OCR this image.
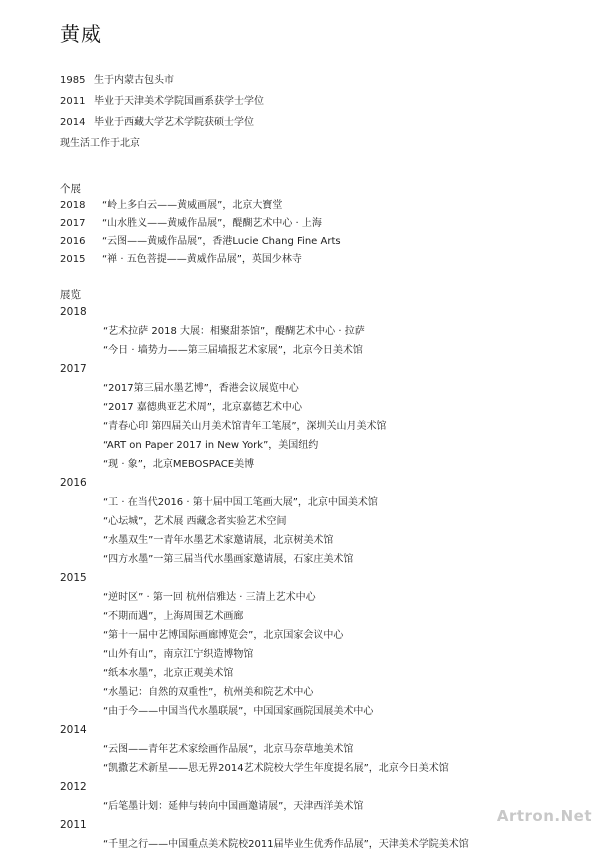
黄威
1985 生于内蒙古包头市
2011 毕业于天津美术学院国画系获学士学位
2014 毕业于西藏大学艺术学院获硕士学位
现生活工作于北京
个展
2018 “岭上多白云——黄威画展”，北京大寶堂
2017 “山水胜义——黄威作品展”，醍醐艺术中心 · 上海
2016 “云图——黄威作品展”，香港Lucie Chang Fine Arts
2015 “禅 · 五色菩提——黄威作品展”，英国少林寺
展览
2018
“艺术拉萨 2018 大展：相聚甜茶馆”，醍醐艺术中心 · 拉萨
“今日 · 墙势力——第三届墙报艺术家展”，北京今日美术馆
2017
“2017第三届水墨艺博”，香港会议展览中心
“2017 嘉德典亚艺术周”，北京嘉德艺术中心
“青春心印 第四届关山月美术馆青年工笔展”，深圳关山月美术馆
“ART on Paper 2017 in New York”，美国纽约
“现 · 象”，北京MEBOSPACE美博
2016
“工 · 在当代2016 · 第十届中国工笔画大展”，北京中国美术馆
“心坛城”，艺术展 西藏念者实验艺术空间
“水墨双生”一青年水墨艺术家邀请展，北京树美术馆
“四方水墨”一第三届当代水墨画家邀请展，石家庄美术馆
2015
“逆时区” · 第一回 杭州信雅达 · 三清上艺术中心
“不期而遇”，上海周围艺术画廊
“第十一届中艺博国际画廊博览会”，北京国家会议中心
“山外有山”，南京江宁织造博物馆
“纸本水墨”，北京正观美术馆
“水墨记：自然的双重性”，杭州美和院艺术中心
“由于今——中国当代水墨联展”，中国国家画院国展美术中心
2014
“云图——青年艺术家绘画作品展”，北京马奈草地美术馆
“凯撒艺术新星——思无界2014艺术院校大学生年度提名展”，北京今日美术馆
2012
“后笔墨计划：延伸与转向中国画邀请展”，天津西洋美术馆
2011
“千里之行——中国重点美术院校2011届毕业生优秀作品展”，天津美术学院美术馆
Artron.Net
